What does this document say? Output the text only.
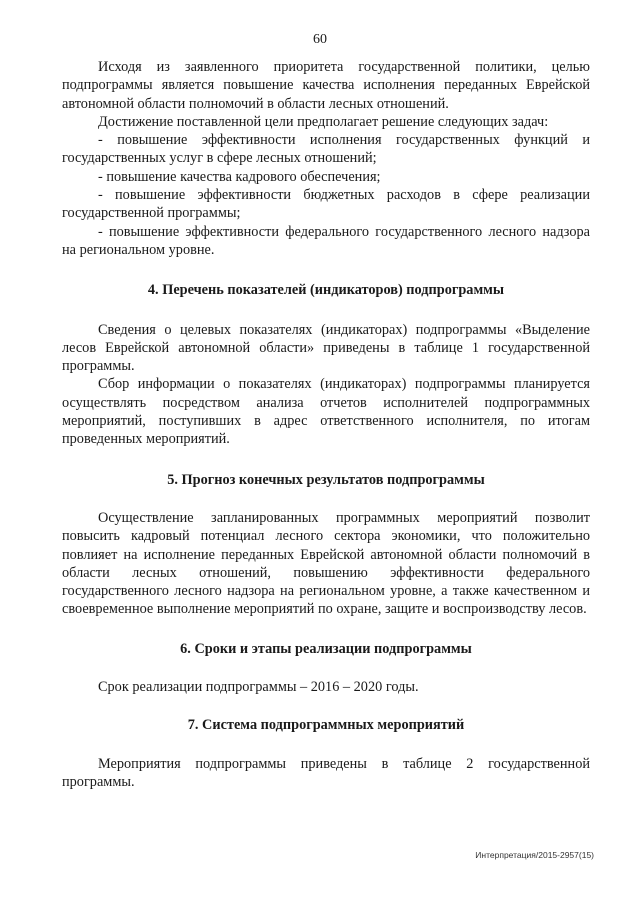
60

Исходя из заявленного приоритета государственной политики, целью подпрограммы является повышение качества исполнения переданных Еврейской автономной области полномочий в области лесных отношений.

Достижение поставленной цели предполагает решение следующих задач:

- повышение эффективности исполнения государственных функций и государственных услуг в сфере лесных отношений;

- повышение качества кадрового обеспечения;

- повышение эффективности бюджетных расходов в сфере реализации государственной программы;

- повышение эффективности федерального государственного лесного надзора на региональном уровне.

4. Перечень показателей (индикаторов) подпрограммы

Сведения о целевых показателях (индикаторах) подпрограммы «Выделение лесов Еврейской автономной области» приведены в таблице 1 государственной программы.

Сбор информации о показателях (индикаторах) подпрограммы планируется осуществлять посредством анализа отчетов исполнителей подпрограммных мероприятий, поступивших в адрес ответственного исполнителя, по итогам проведенных мероприятий.

5. Прогноз конечных результатов подпрограммы

Осуществление запланированных программных мероприятий позволит повысить кадровый потенциал лесного сектора экономики, что положительно повлияет на исполнение переданных Еврейской автономной области полномочий в области лесных отношений, повышению эффективности федерального государственного лесного надзора на региональном уровне, а также качественном и своевременное выполнение мероприятий по охране, защите и воспроизводству лесов.

6. Сроки и этапы реализации подпрограммы

Срок реализации подпрограммы – 2016 – 2020 годы.

7. Система подпрограммных мероприятий

Мероприятия подпрограммы приведены в таблице 2 государственной программы.

Интерпретация/2015-2957(15)
